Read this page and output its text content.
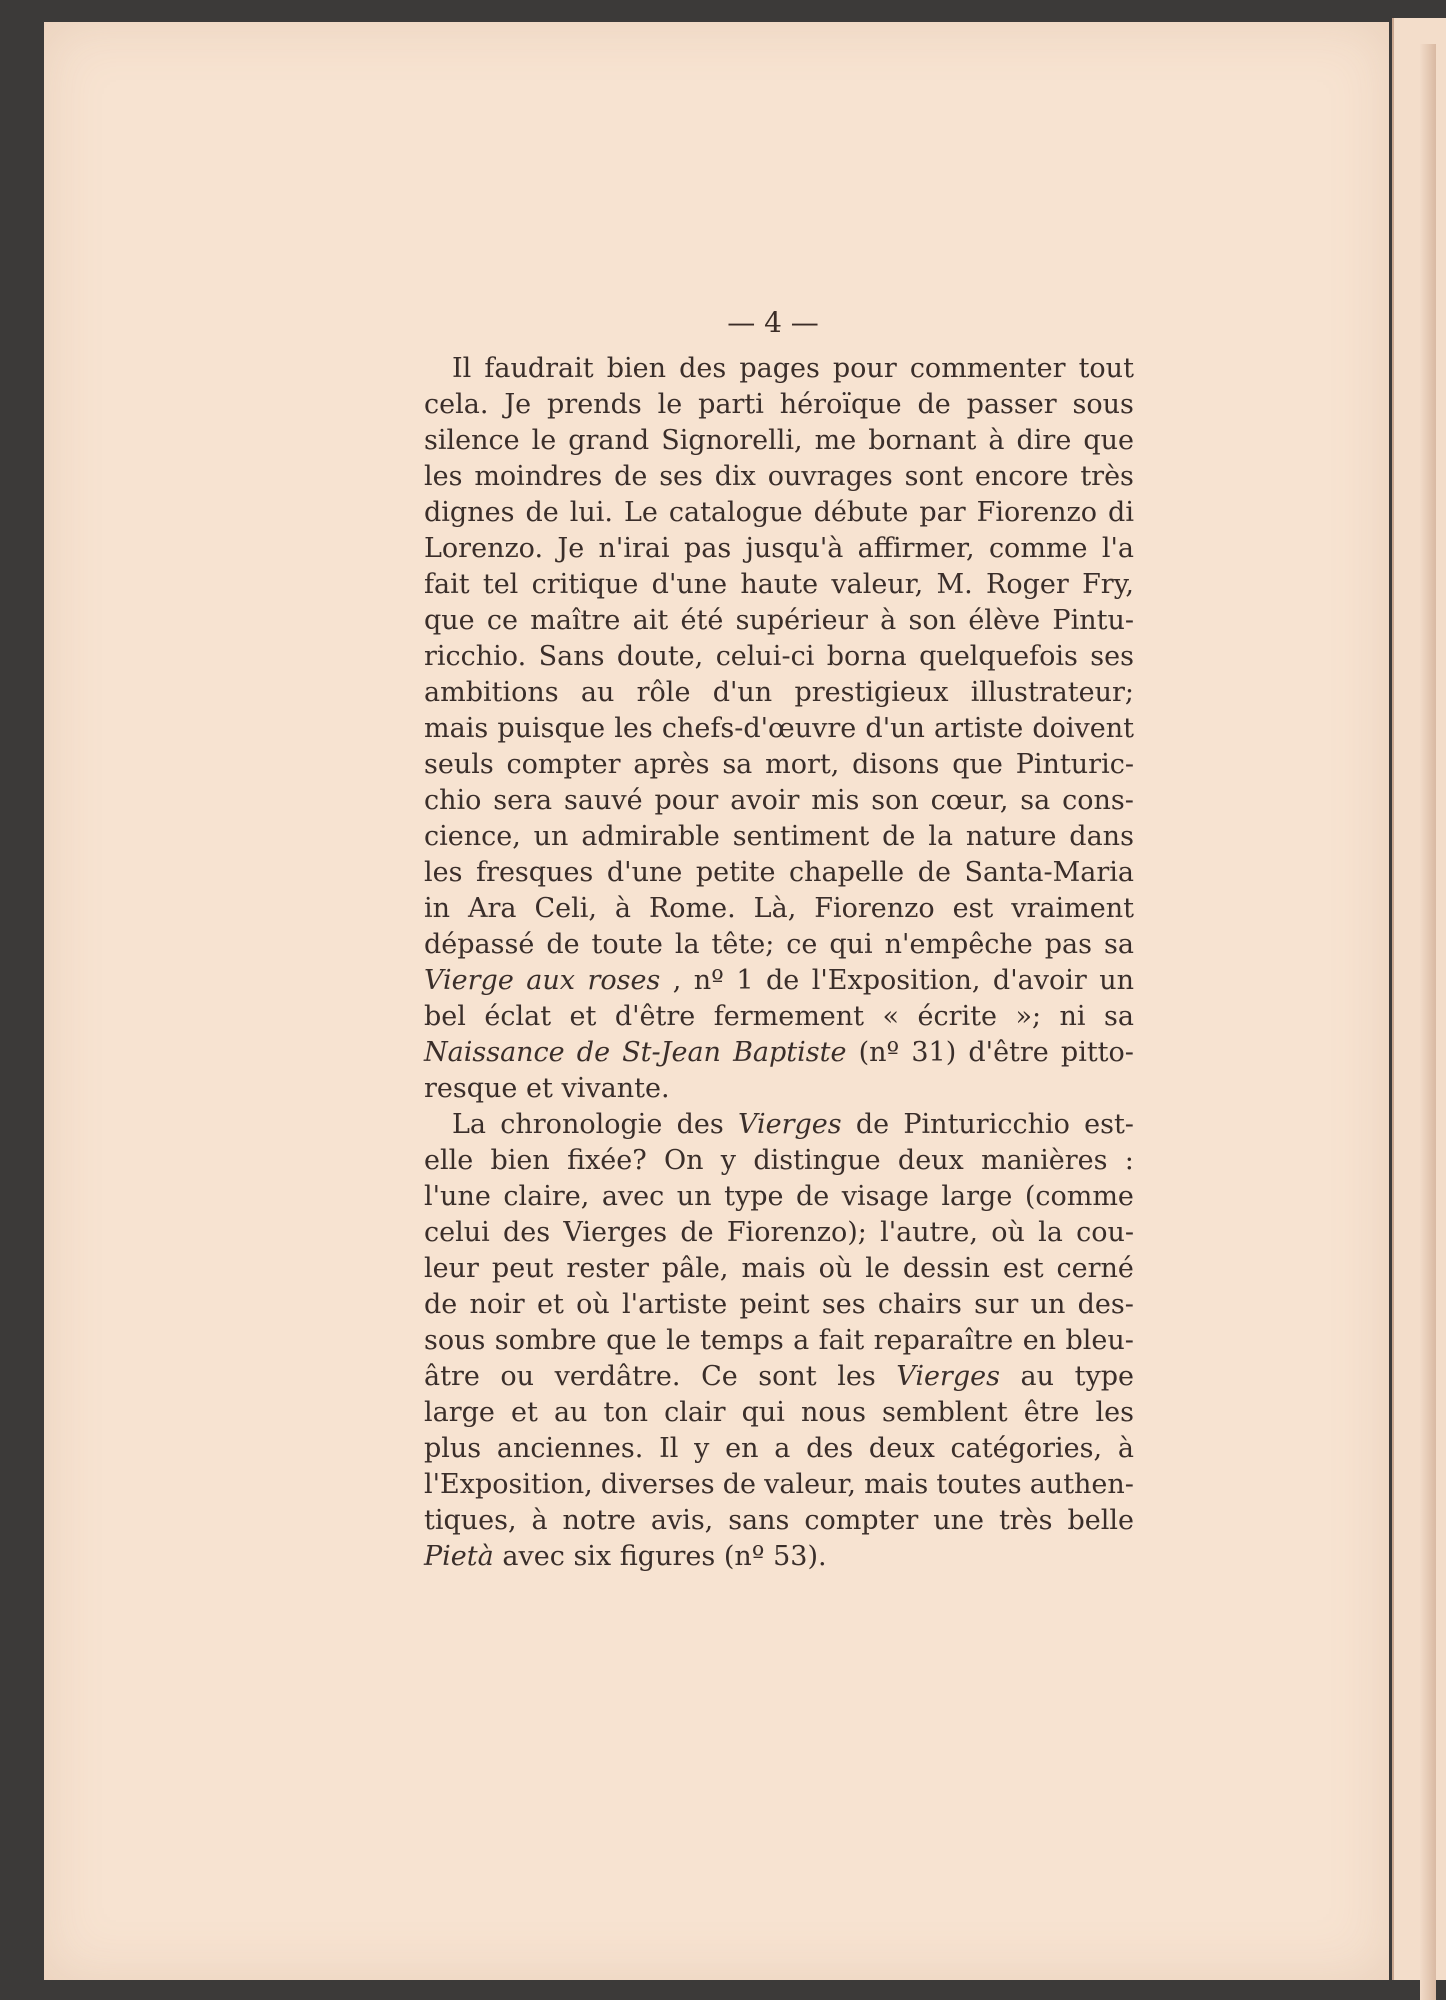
— 4 —
Il faudrait bien des pages pour commenter tout
cela. Je prends le parti héroïque de passer sous
silence le grand Signorelli, me bornant à dire que
les moindres de ses dix ouvrages sont encore très
dignes de lui. Le catalogue débute par Fiorenzo di
Lorenzo. Je n'irai pas jusqu'à affirmer, comme l'a
fait tel critique d'une haute valeur, M. Roger Fry,
que ce maître ait été supérieur à son élève Pintu-
ricchio. Sans doute, celui-ci borna quelquefois ses
ambitions au rôle d'un prestigieux illustrateur;
mais puisque les chefs-d'œuvre d'un artiste doivent
seuls compter après sa mort, disons que Pinturic-
chio sera sauvé pour avoir mis son cœur, sa cons-
cience, un admirable sentiment de la nature dans
les fresques d'une petite chapelle de Santa-Maria
in Ara Celi, à Rome. Là, Fiorenzo est vraiment
dépassé de toute la tête; ce qui n'empêche pas sa
Vierge aux roses , nº 1 de l'Exposition, d'avoir un
bel éclat et d'être fermement « écrite »; ni sa
Naissance de St-Jean Baptiste (nº 31) d'être pitto-
resque et vivante.
La chronologie des Vierges de Pinturicchio est-
elle bien fixée? On y distingue deux manières :
l'une claire, avec un type de visage large (comme
celui des Vierges de Fiorenzo); l'autre, où la cou-
leur peut rester pâle, mais où le dessin est cerné
de noir et où l'artiste peint ses chairs sur un des-
sous sombre que le temps a fait reparaître en bleu-
âtre ou verdâtre. Ce sont les Vierges au type
large et au ton clair qui nous semblent être les
plus anciennes. Il y en a des deux catégories, à
l'Exposition, diverses de valeur, mais toutes authen-
tiques, à notre avis, sans compter une très belle
Pietà avec six figures (nº 53).
